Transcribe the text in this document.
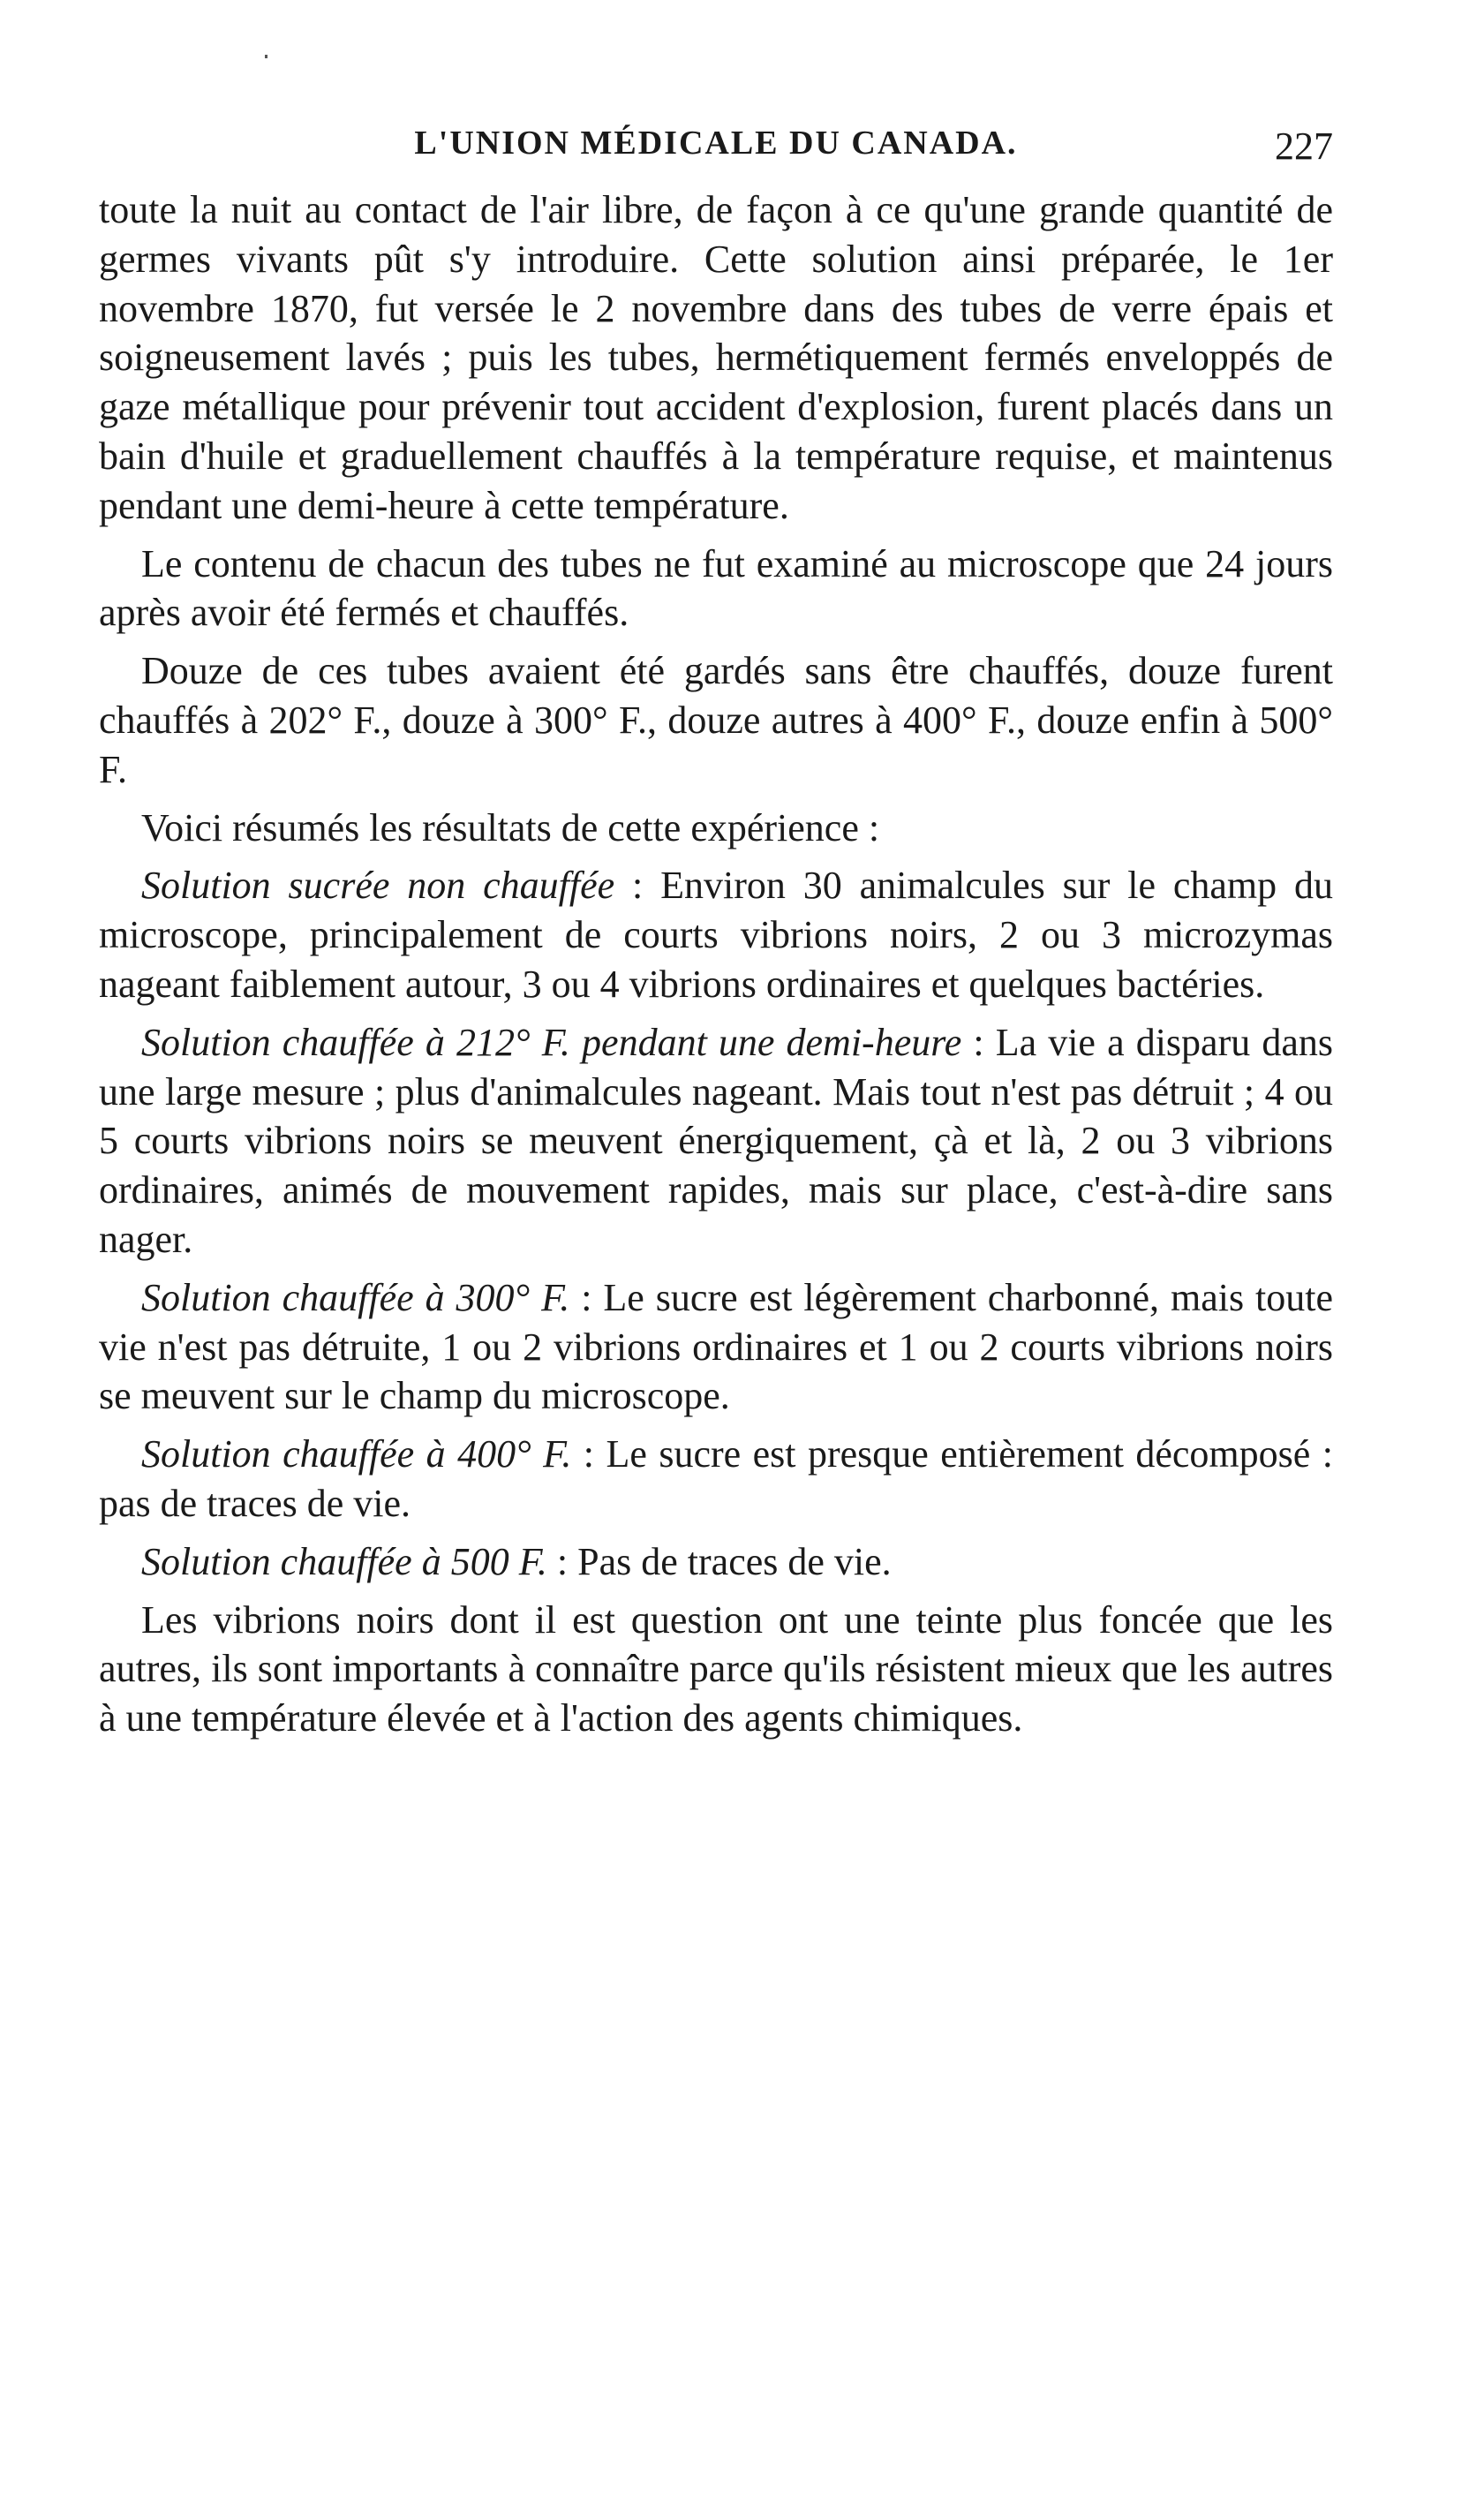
L'UNION MÉDICALE DU CANADA.	227

toute la nuit au contact de l'air libre, de façon à ce qu'une grande quantité de germes vivants pût s'y introduire. Cette solution ainsi préparée, le 1er novembre 1870, fut versée le 2 novembre dans des tubes de verre épais et soigneusement lavés ; puis les tubes, hermétiquement fermés enveloppés de gaze métallique pour prévenir tout accident d'explosion, furent placés dans un bain d'huile et graduellement chauffés à la température requise, et maintenus pendant une demi-heure à cette température.

Le contenu de chacun des tubes ne fut examiné au microscope que 24 jours après avoir été fermés et chauffés.

Douze de ces tubes avaient été gardés sans être chauffés, douze furent chauffés à 202° F., douze à 300° F., douze autres à 400° F., douze enfin à 500° F.

Voici résumés les résultats de cette expérience :

Solution sucrée non chauffée : Environ 30 animalcules sur le champ du microscope, principalement de courts vibrions noirs, 2 ou 3 microzymas nageant faiblement autour, 3 ou 4 vibrions ordinaires et quelques bactéries.

Solution chauffée à 212° F. pendant une demi-heure : La vie a disparu dans une large mesure ; plus d'animalcules nageant. Mais tout n'est pas détruit ; 4 ou 5 courts vibrions noirs se meuvent énergiquement, çà et là, 2 ou 3 vibrions ordinaires, animés de mouvement rapides, mais sur place, c'est-à-dire sans nager.

Solution chauffée à 300° F. : Le sucre est légèrement charbonné, mais toute vie n'est pas détruite, 1 ou 2 vibrions ordinaires et 1 ou 2 courts vibrions noirs se meuvent sur le champ du microscope.

Solution chauffée à 400° F. : Le sucre est presque entièrement décomposé : pas de traces de vie.

Solution chauffée à 500 F. : Pas de traces de vie.

Les vibrions noirs dont il est question ont une teinte plus foncée que les autres, ils sont importants à connaître parce qu'ils résistent mieux que les autres à une température élevée et à l'action des agents chimiques.
